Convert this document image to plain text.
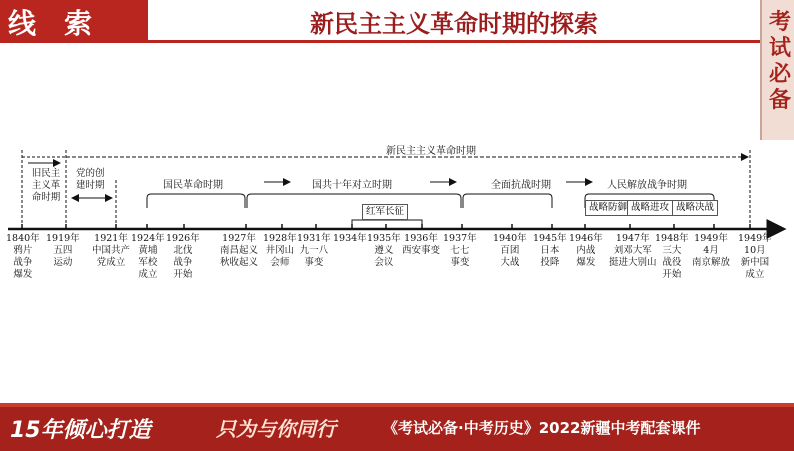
线索	新民主主义革命时期的探索	考试必备
新民主主义革命时期
旧民主主义革命时期
党的创建时期	国民革命时期	国共十年对立时期	全面抗战时期	人民解放战争时期
红军长征	战略防御 战略进攻 战略决战
1840年
鸦片
战争
爆发
1919年
五四
运动
1921年
中国共产
党成立
1924年
黄埔
军校
成立
1926年
北伐
战争
开始
1927年
南昌起义
秋收起义
1928年
井冈山
会师
1931年
九一八
事变
1934年 1935年
遵义
会议
1936年
西安事变
1937年
七七
事变
1940年
百团
大战
1945年
日本
投降
1946年
内战
爆发
1947年
刘邓大军
挺进大别山
1948年
三大
战役
开始
1949年
4月
南京解放
1949年
10月
新中国
成立
15年倾心打造	只为与你同行	《考试必备·中考历史》2022新疆中考配套课件
